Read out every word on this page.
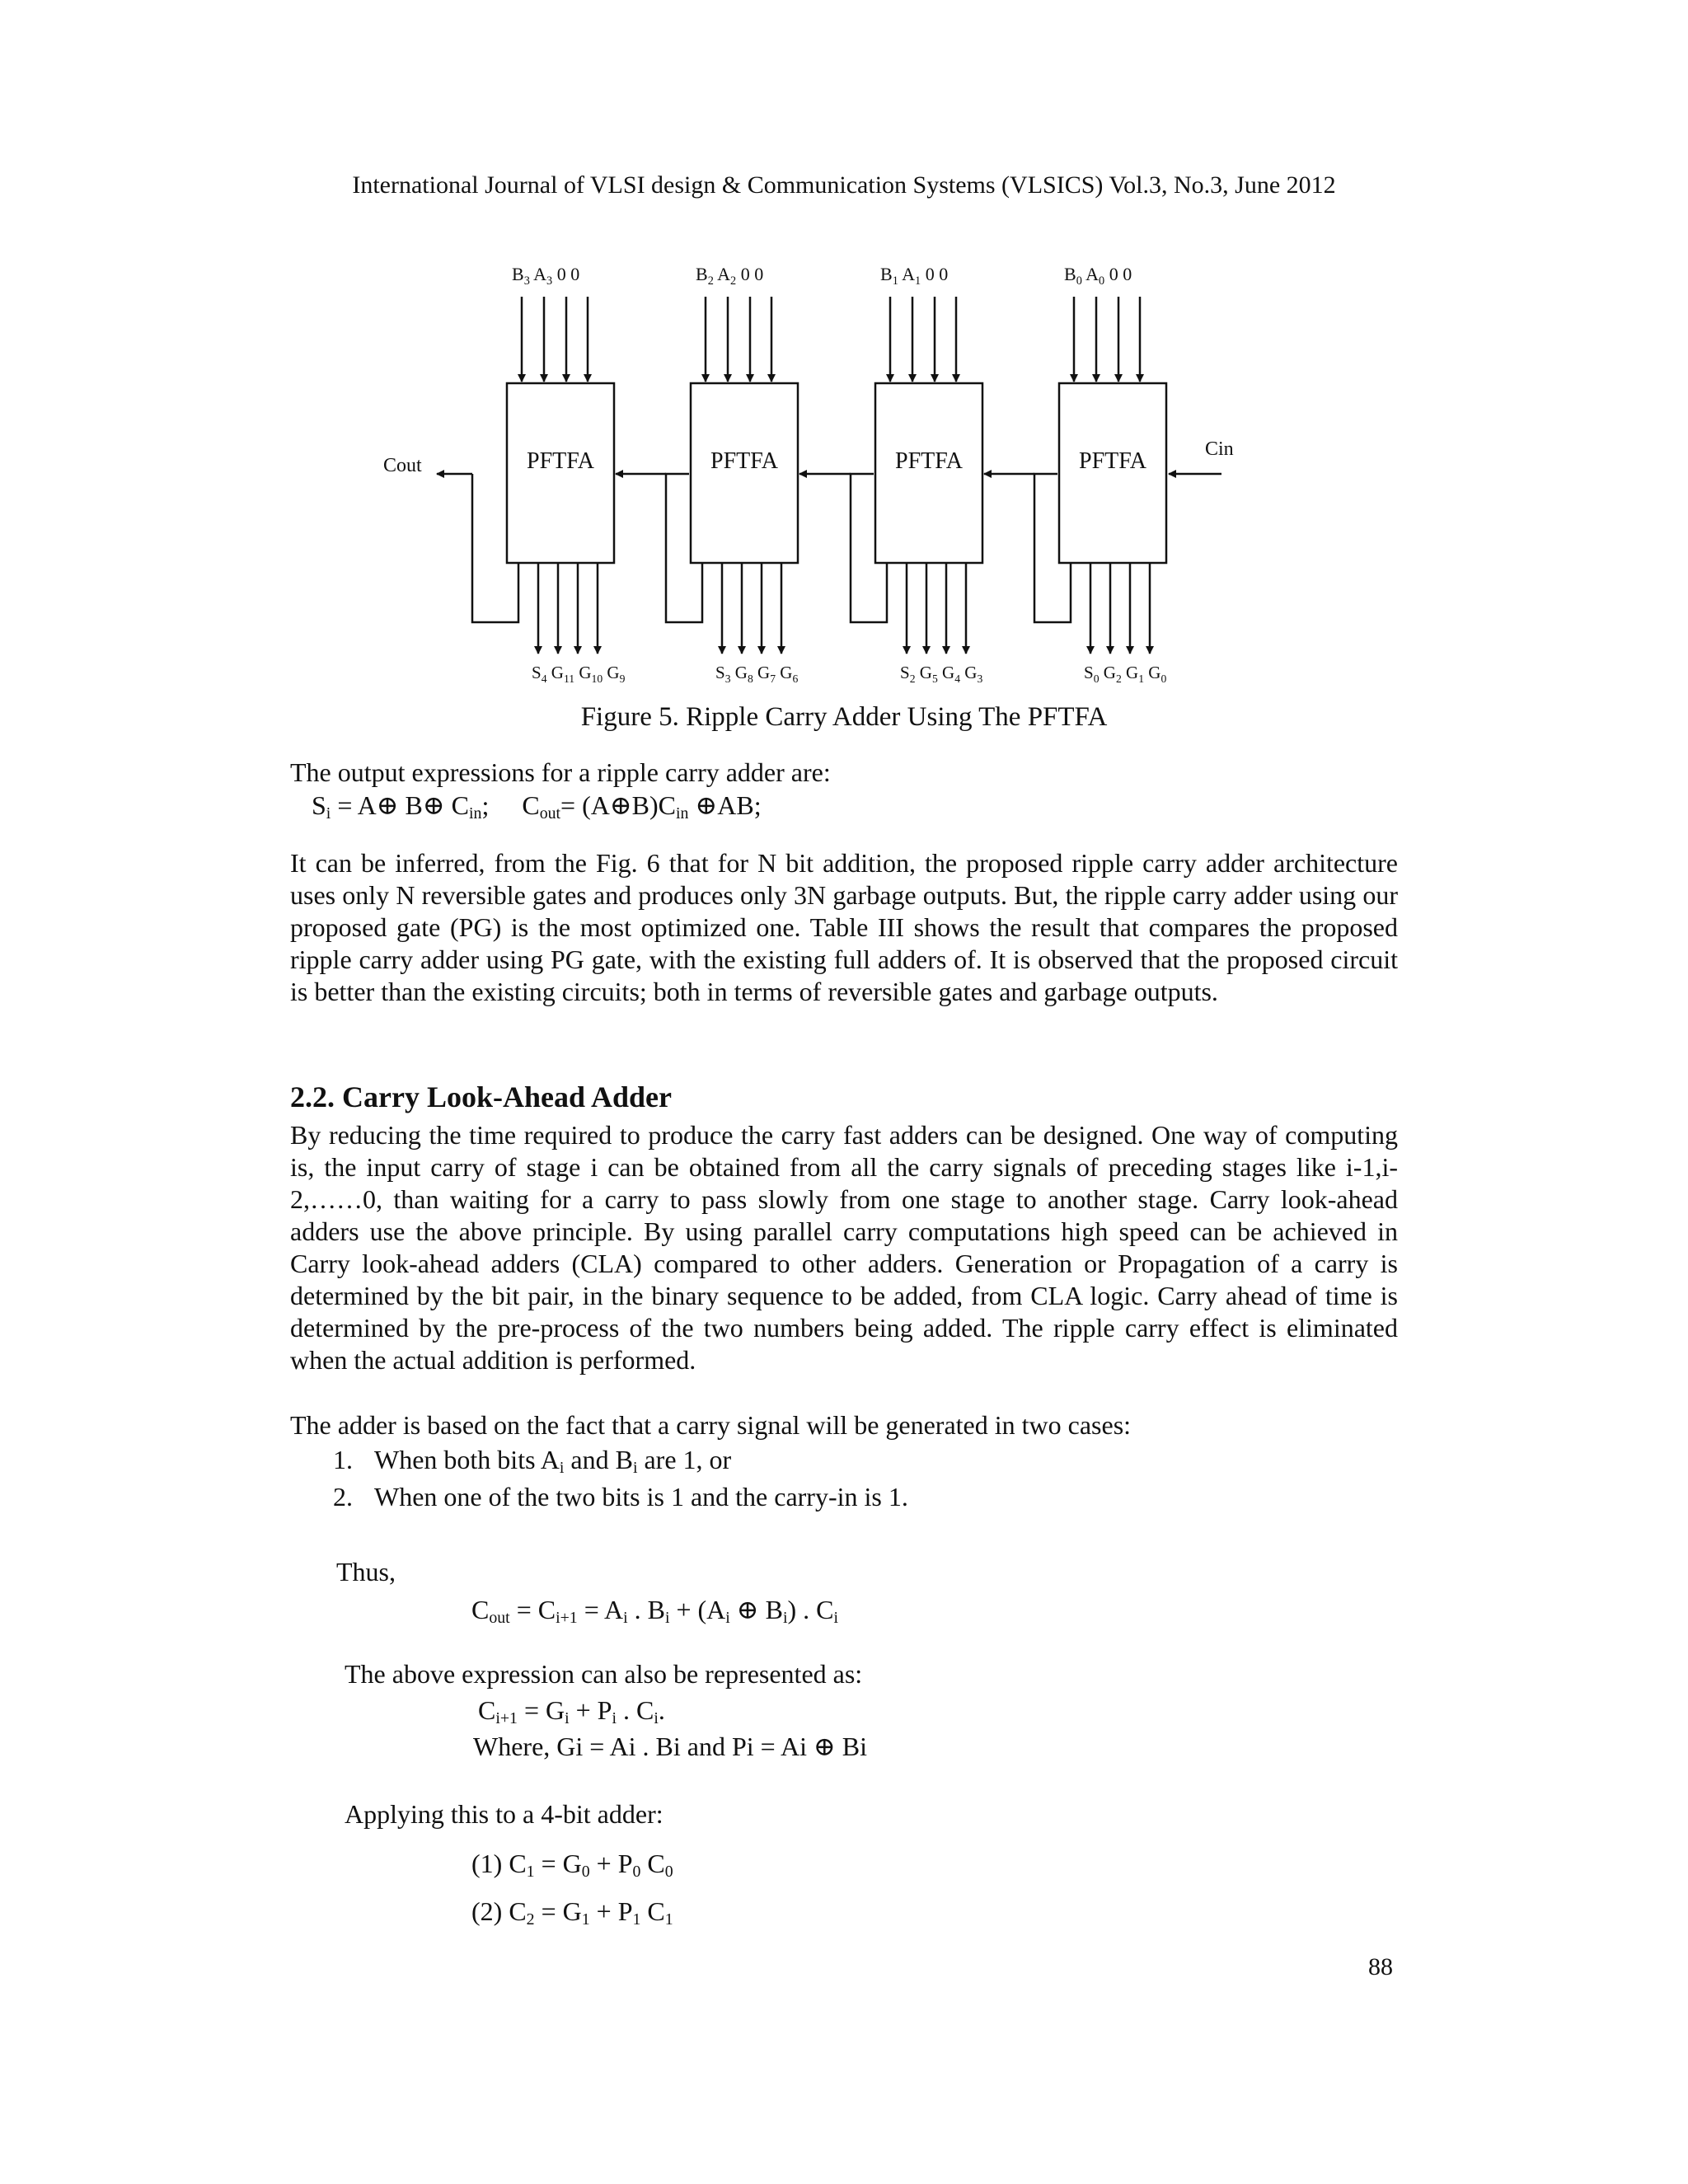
International Journal of VLSI design & Communication Systems (VLSICS) Vol.3, No.3, June 2012
PFTFA
$B_3$ $A_3$ 0 0
$S_4$ $G_{11}$ $G_{10}$ $G_9$
PFTFA
$B_2$ $A_2$ 0 0
$S_3$ $G_8$ $G_7$ $G_6$
PFTFA
$B_1$ $A_1$ 0 0
$S_2$ $G_5$ $G_4$ $G_3$
PFTFA
$B_0$ $A_0$ 0 0
$S_0$ $G_2$ $G_1$ $G_0$
Cout
Cin
Figure 5. Ripple Carry Adder Using The PFTFA
The output expressions for a ripple carry adder are:
$S_i$ = A⊕ B⊕ $C_{in}$; $C_{out}=$ $(A\oplus B)C_{in}$ ⊕AB;
It can be inferred, from the Fig. 6 that for N bit addition, the proposed ripple carry adder architecture uses only N reversible gates and produces only 3N garbage outputs. But, the ripple carry adder using our proposed gate (PG) is the most optimized one. Table III shows the result that compares the proposed ripple carry adder using PG gate, with the existing full adders of. It is observed that the proposed circuit is better than the existing circuits; both in terms of reversible gates and garbage outputs.
2.2. Carry Look-Ahead Adder
By reducing the time required to produce the carry fast adders can be designed. One way of computing is, the input carry of stage i can be obtained from all the carry signals of preceding stages like i-1,i-2,……0, than waiting for a carry to pass slowly from one stage to another stage. Carry look-ahead adders use the above principle. By using parallel carry computations high speed can be achieved in Carry look-ahead adders (CLA) compared to other adders. Generation or Propagation of a carry is determined by the bit pair, in the binary sequence to be added, from CLA logic. Carry ahead of time is determined by the pre-process of the two numbers being added. The ripple carry effect is eliminated when the actual addition is performed.
The adder is based on the fact that a carry signal will be generated in two cases:
1. When both bits $A_i$ and $B_i$ are 1, or
2. When one of the two bits is 1 and the carry-in is 1.
Thus,
$C_{out} = C_{i+1} = A_i$ . $B_i + (A_i$ ⊕ $B_i$) . $C_i$
The above expression can also be represented as:
$C_{i+1} = G_i + P_i$ . $C_i$.
Where, Gi = Ai . Bi and Pi = Ai ⊕ Bi
Applying this to a 4-bit adder:
(1) $C_1 = G_0 + P_0$ $C_0$
(2) $C_2 = G_1 + P_1$ $C_1$
88
